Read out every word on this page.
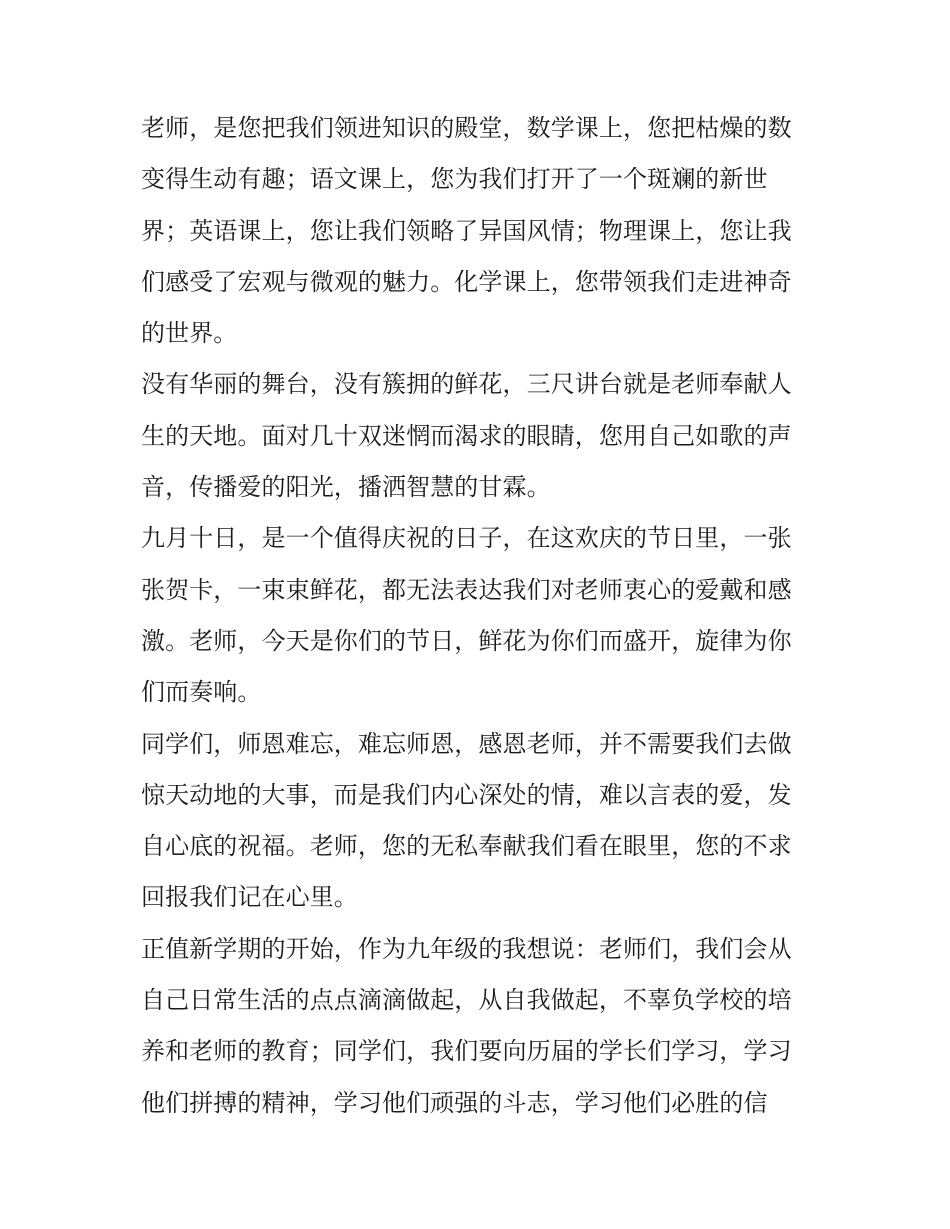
老师，是您把我们领进知识的殿堂，数学课上，您把枯燥的数
变得生动有趣；语文课上，您为我们打开了一个斑斓的新世
界；英语课上，您让我们领略了异国风情；物理课上，您让我
们感受了宏观与微观的魅力。化学课上，您带领我们走进神奇
的世界。
没有华丽的舞台，没有簇拥的鲜花，三尺讲台就是老师奉献人
生的天地。面对几十双迷惘而渴求的眼睛，您用自己如歌的声
音，传播爱的阳光，播洒智慧的甘霖。
九月十日，是一个值得庆祝的日子，在这欢庆的节日里，一张
张贺卡，一束束鲜花，都无法表达我们对老师衷心的爱戴和感
激。老师，今天是你们的节日，鲜花为你们而盛开，旋律为你
们而奏响。
同学们，师恩难忘，难忘师恩，感恩老师，并不需要我们去做
惊天动地的大事，而是我们内心深处的情，难以言表的爱，发
自心底的祝福。老师，您的无私奉献我们看在眼里，您的不求
回报我们记在心里。
正值新学期的开始，作为九年级的我想说：老师们，我们会从
自己日常生活的点点滴滴做起，从自我做起，不辜负学校的培
养和老师的教育；同学们，我们要向历届的学长们学习，学习
他们拼搏的精神，学习他们顽强的斗志，学习他们必胜的信
